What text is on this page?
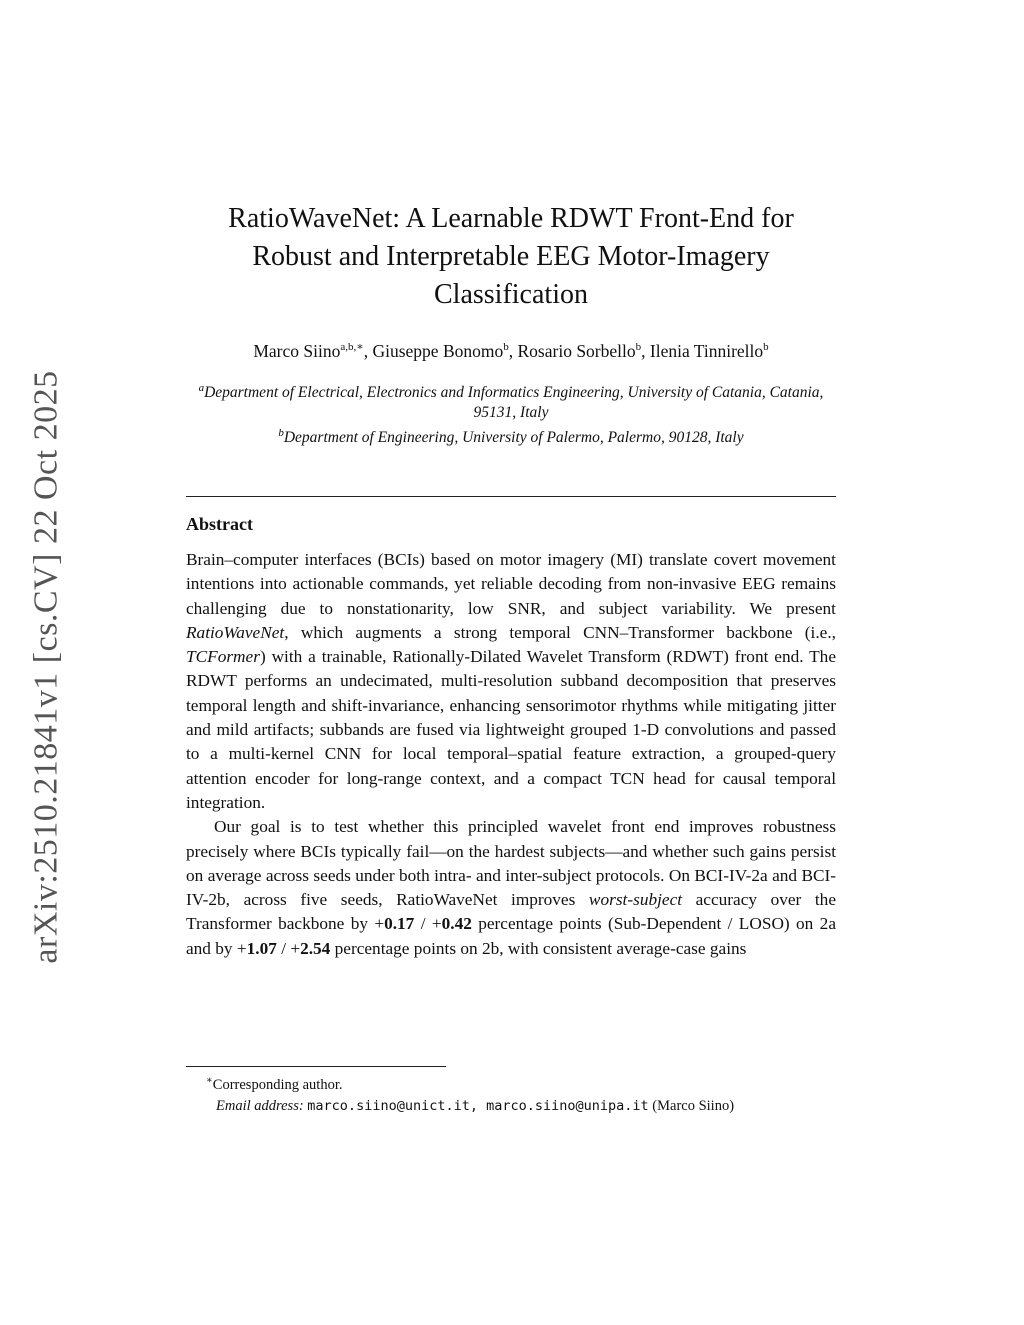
arXiv:2510.21841v1 [cs.CV] 22 Oct 2025
RatioWaveNet: A Learnable RDWT Front-End for
Robust and Interpretable EEG Motor-Imagery
Classification
Marco Siino$^{a,b,∗}$, Giuseppe Bonomo$^b$, Rosario Sorbello$^b$, Ilenia Tinnirello$^b$
$^a$Department of Electrical, Electronics and Informatics Engineering, University of Catania, Catania, 95131, Italy
$^b$Department of Engineering, University of Palermo, Palermo, 90128, Italy
Abstract

Brain–computer interfaces (BCIs) based on motor imagery (MI) translate covert movement intentions into actionable commands, yet reliable decoding from non-invasive EEG remains challenging due to nonstationarity, low SNR, and subject variability. We present RatioWaveNet, which augments a strong temporal CNN–Transformer backbone (i.e., TCFormer) with a trainable, Rationally-Dilated Wavelet Transform (RDWT) front end. The RDWT performs an undecimated, multi-resolution subband decomposition that preserves temporal length and shift-invariance, enhancing sensorimotor rhythms while mitigating jitter and mild artifacts; subbands are fused via lightweight grouped 1-D convolutions and passed to a multi-kernel CNN for local temporal–spatial feature extraction, a grouped-query attention encoder for long-range context, and a compact TCN head for causal temporal integration.

Our goal is to test whether this principled wavelet front end improves robustness precisely where BCIs typically fail—on the hardest subjects—and whether such gains persist on average across seeds under both intra- and inter-subject protocols. On BCI-IV-2a and BCI-IV-2b, across five seeds, RatioWaveNet improves worst-subject accuracy over the Transformer backbone by +0.17 / +0.42 percentage points (Sub-Dependent / LOSO) on 2a and by +1.07 / +2.54 percentage points on 2b, with consistent average-case gains

∗Corresponding author.
Email address: marco.siino@unict.it, marco.siino@unipa.it (Marco Siino)
